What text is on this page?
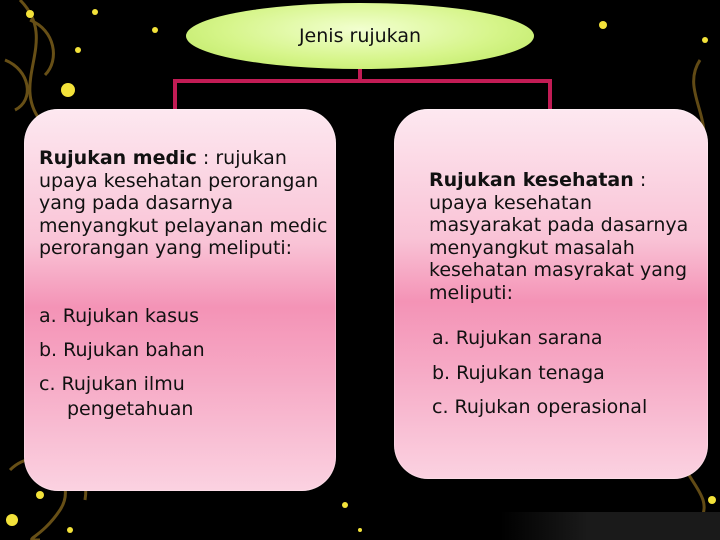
Jenis rujukan

Rujukan medic : rujukan upaya kesehatan perorangan yang pada dasarnya menyangkut pelayanan medic perorangan yang meliputi:

a. Rujukan kasus
b. Rujukan bahan
c. Rujukan ilmu
pengetahuan

Rujukan kesehatan : upaya kesehatan masyarakat pada dasarnya menyangkut masalah kesehatan masyrakat yang meliputi:

a. Rujukan sarana
b. Rujukan tenaga
c. Rujukan operasional
